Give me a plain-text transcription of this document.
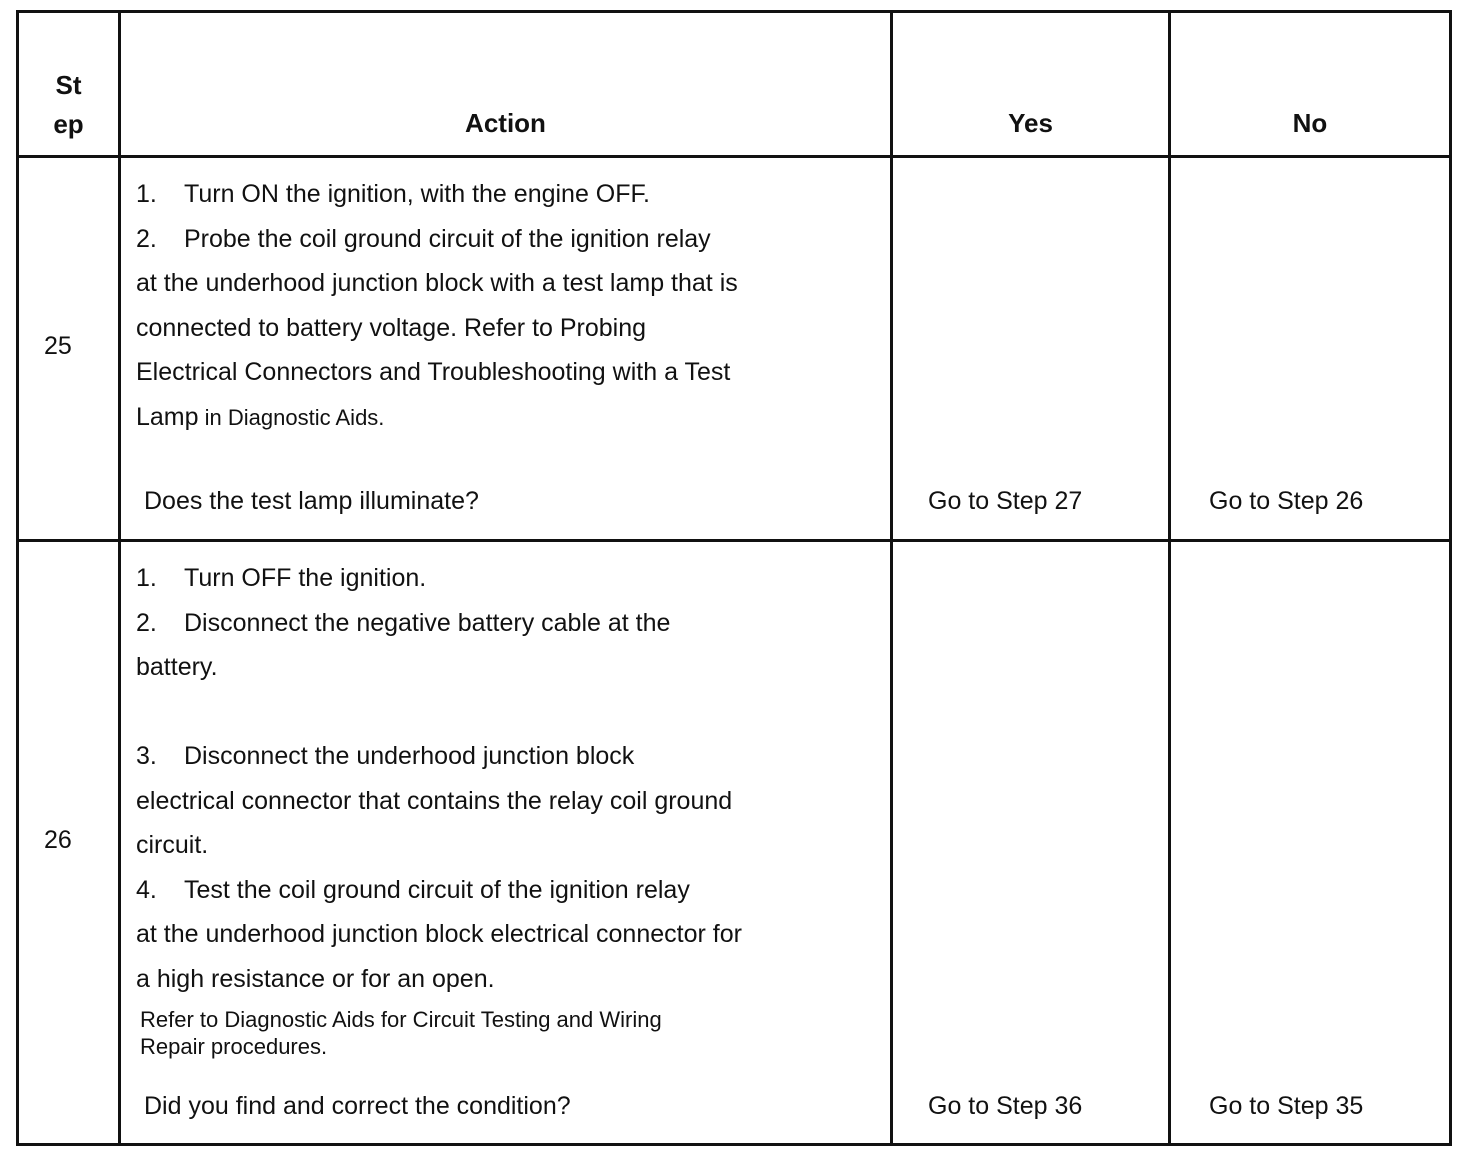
St
ep	Action	Yes	No
25
1. Turn ON the ignition, with the engine OFF.
2. Probe the coil ground circuit of the ignition relay
at the underhood junction block with a test lamp that is
connected to battery voltage. Refer to Probing
Electrical Connectors and Troubleshooting with a Test
Lamp in Diagnostic Aids.
Does the test lamp illuminate?	Go to Step 27	Go to Step 26
26
1. Turn OFF the ignition.
2. Disconnect the negative battery cable at the
battery.
3. Disconnect the underhood junction block
electrical connector that contains the relay coil ground
circuit.
4. Test the coil ground circuit of the ignition relay
at the underhood junction block electrical connector for
a high resistance or for an open.
Refer to Diagnostic Aids for Circuit Testing and Wiring
Repair procedures.
Did you find and correct the condition?	Go to Step 36	Go to Step 35
